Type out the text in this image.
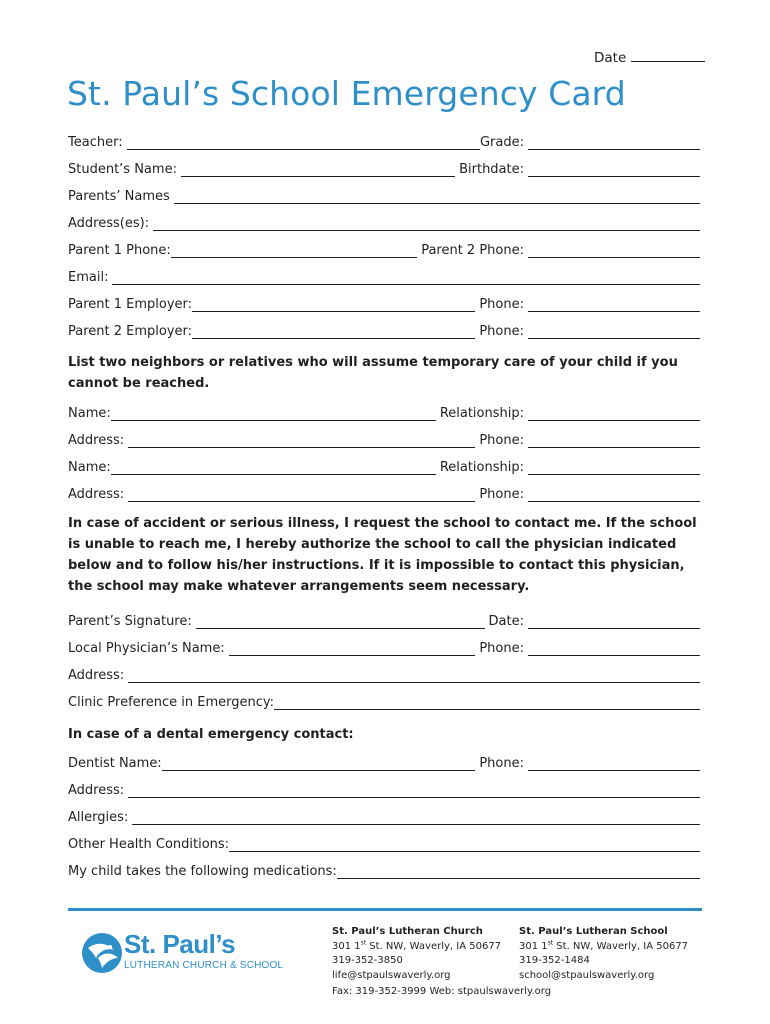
Date
St. Paul’s School Emergency Card
Teacher:	Grade:
Student’s Name:	Birthdate:
Parents’ Names
Address(es):
Parent 1 Phone:	Parent 2 Phone:
Email:
Parent 1 Employer:	Phone:
Parent 2 Employer:	Phone:

List two neighbors or relatives who will assume temporary care of your child if you cannot be reached.

Name:	Relationship:
Address:	Phone:
Name:	Relationship:
Address:	Phone:

In case of accident or serious illness, I request the school to contact me. If the school is unable to reach me, I hereby authorize the school to call the physician indicated below and to follow his/her instructions. If it is impossible to contact this physician, the school may make whatever arrangements seem necessary.

Parent’s Signature:	Date:
Local Physician’s Name:	Phone:
Address:
Clinic Preference in Emergency:

In case of a dental emergency contact:

Dentist Name:	Phone:
Address:
Allergies:
Other Health Conditions:
My child takes the following medications:
St. Paul’s
LUTHERAN CHURCH & SCHOOL
St. Paul’s Lutheran Church
301 1st St. NW, Waverly, IA 50677
319-352-3850
life@stpaulswaverly.org
St. Paul’s Lutheran School
301 1st St. NW, Waverly, IA 50677
319-352-1484
school@stpaulswaverly.org
Fax: 319-352-3999 Web: stpaulswaverly.org
